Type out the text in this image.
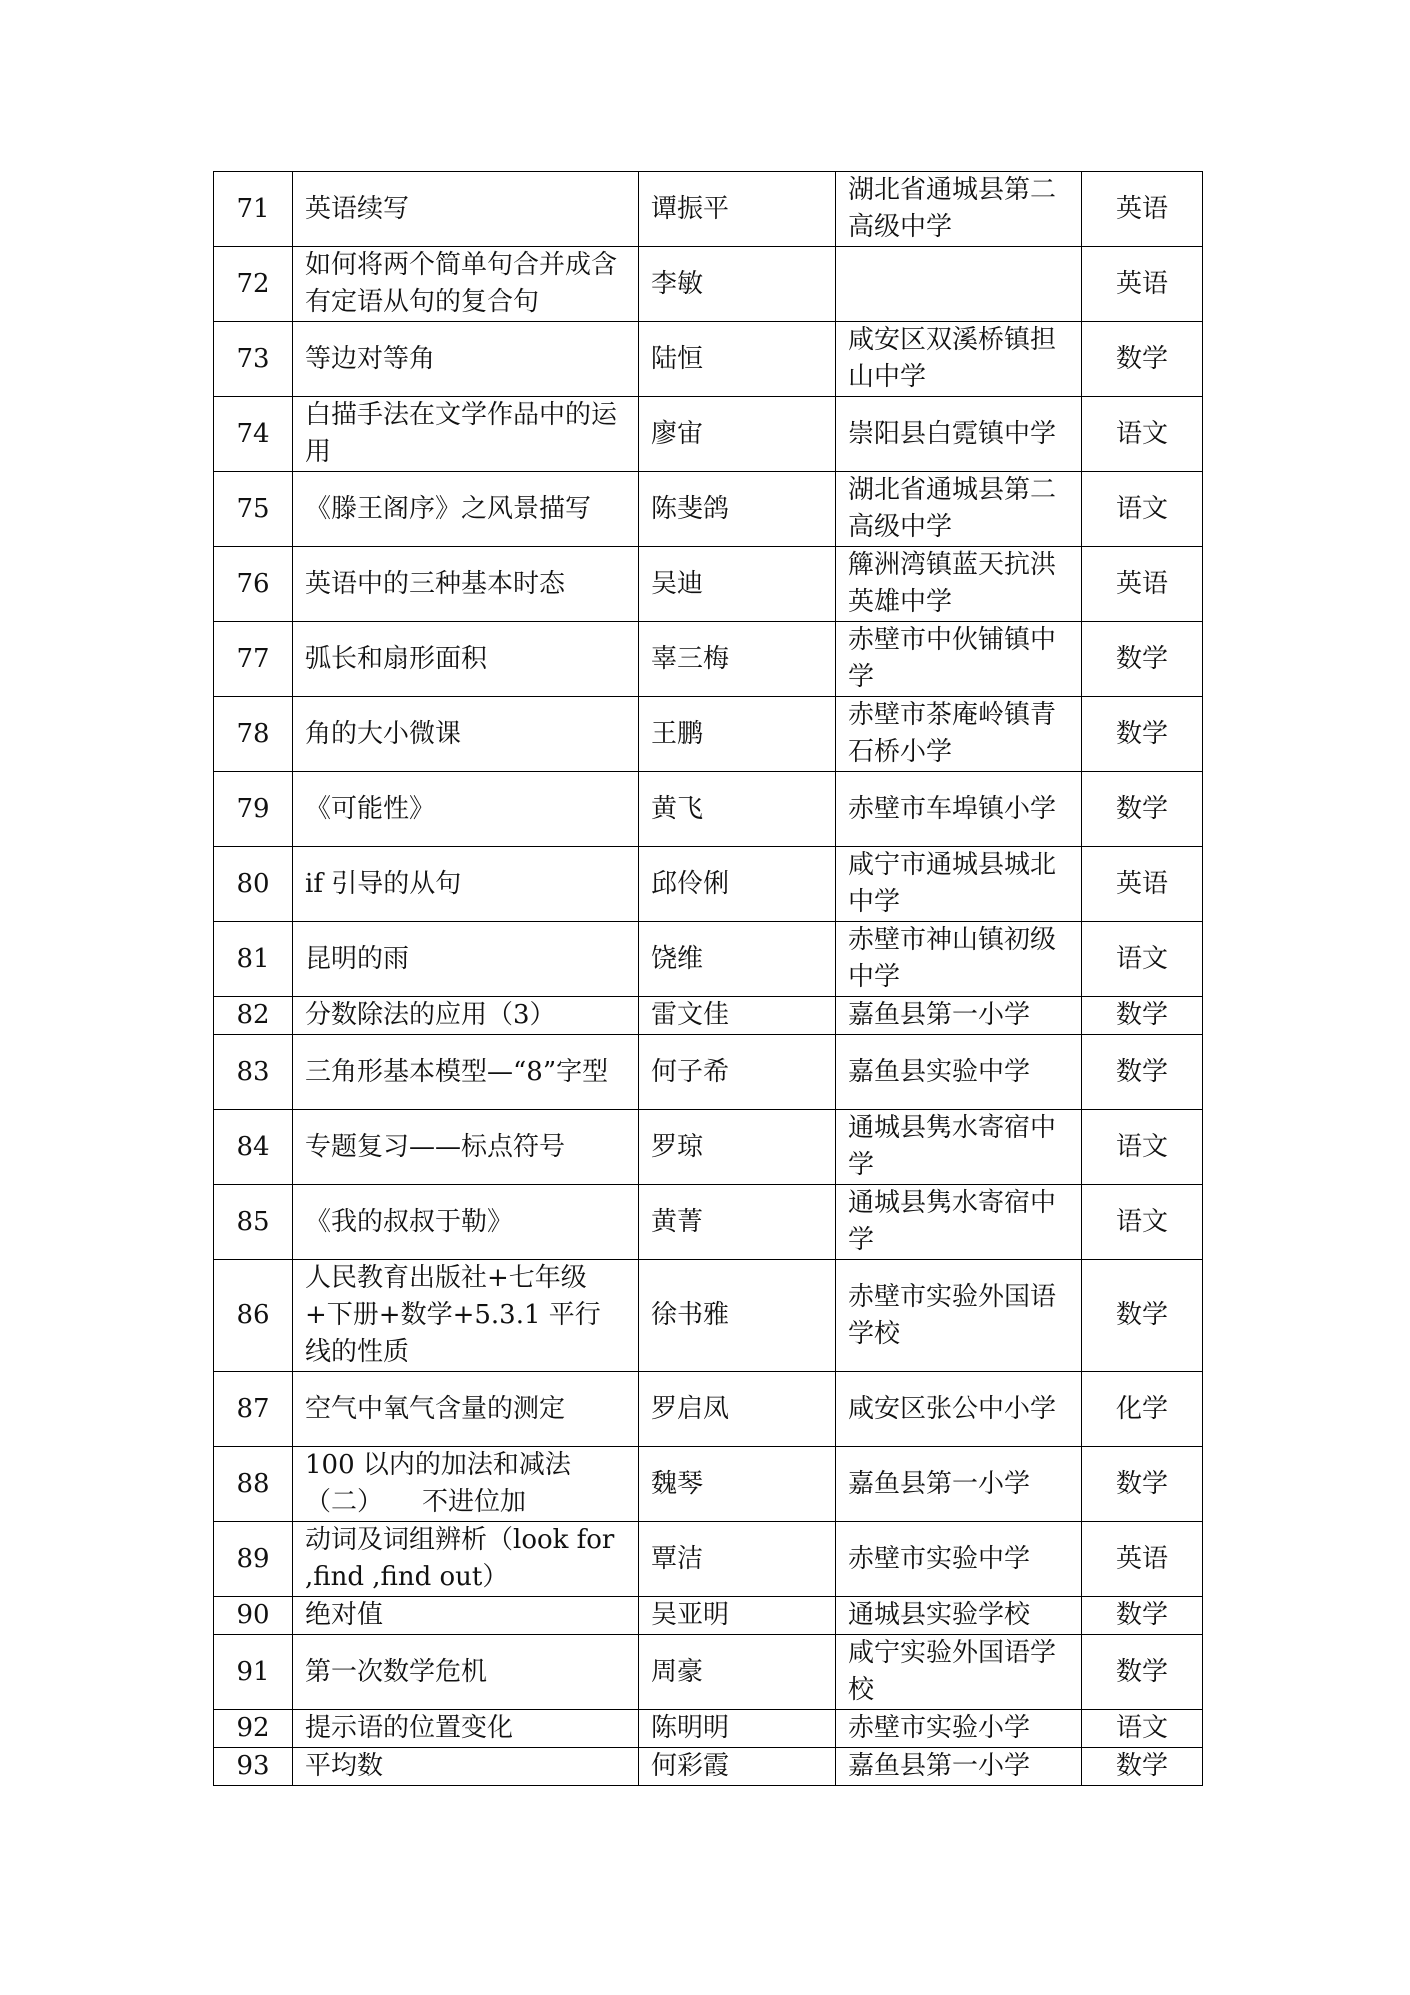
71	英语续写	谭振平	湖北省通城县第二高级中学	英语
72	如何将两个简单句合并成含有定语从句的复合句	李敏		英语
73	等边对等角	陆恒	咸安区双溪桥镇担山中学	数学
74	白描手法在文学作品中的运用	廖宙	崇阳县白霓镇中学	语文
75	《滕王阁序》之风景描写	陈斐鸽	湖北省通城县第二高级中学	语文
76	英语中的三种基本时态	吴迪	簰洲湾镇蓝天抗洪英雄中学	英语
77	弧长和扇形面积	辜三梅	赤壁市中伙铺镇中学	数学
78	角的大小微课	王鹏	赤壁市茶庵岭镇青石桥小学	数学
79	《可能性》	黄飞	赤壁市车埠镇小学	数学
80	if 引导的从句	邱伶俐	咸宁市通城县城北中学	英语
81	昆明的雨	饶维	赤壁市神山镇初级中学	语文
82	分数除法的应用（3）	雷文佳	嘉鱼县第一小学	数学
83	三角形基本模型—“8”字型	何子希	嘉鱼县实验中学	数学
84	专题复习——标点符号	罗琼	通城县隽水寄宿中学	语文
85	《我的叔叔于勒》	黄菁	通城县隽水寄宿中学	语文
86	人民教育出版社+七年级+下册+数学+5.3.1 平行线的性质	徐书雅	赤壁市实验外国语学校	数学
87	空气中氧气含量的测定	罗启凤	咸安区张公中小学	化学
88	100 以内的加法和减法（二）　　不进位加	魏琴	嘉鱼县第一小学	数学
89	动词及词组辨析（look for ,find ,find out）	覃洁	赤壁市实验中学	英语
90	绝对值	吴亚明	通城县实验学校	数学
91	第一次数学危机	周豪	咸宁实验外国语学校	数学
92	提示语的位置变化	陈明明	赤壁市实验小学	语文
93	平均数	何彩霞	嘉鱼县第一小学	数学
